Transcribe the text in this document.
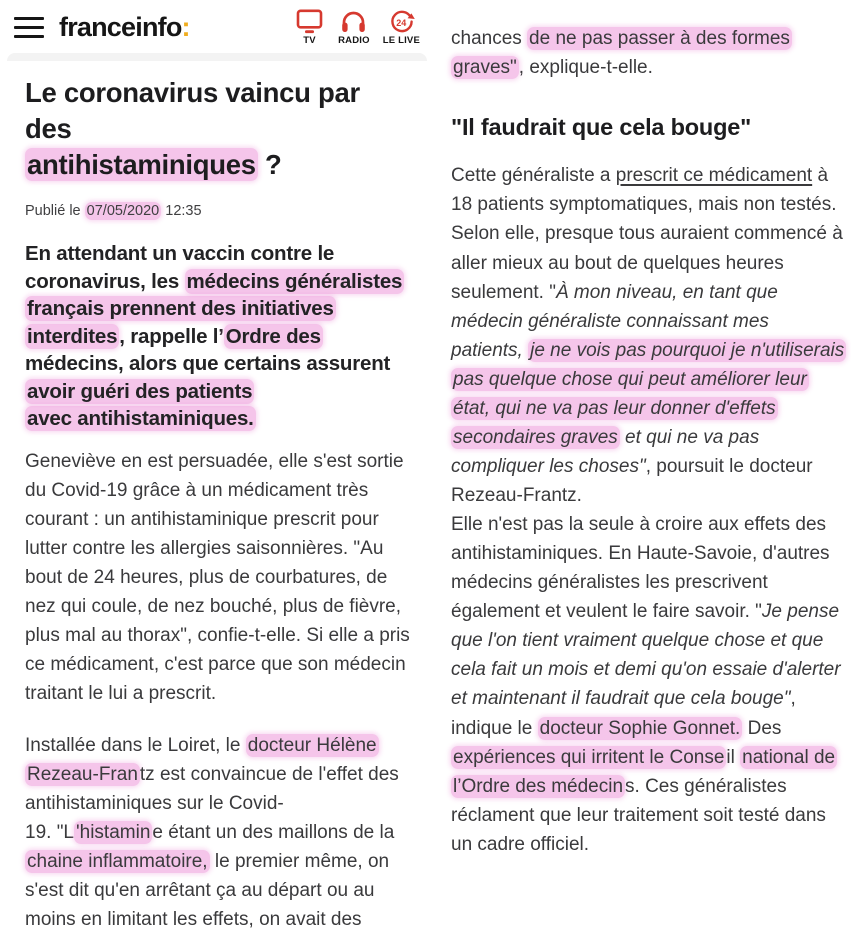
franceinfo:	TV RADIO
24
LE LIVE
Le coronavirus vaincu par des
antihistaminiques ?
Publié le 07/05/2020 12:35
En attendant un vaccin contre le coronavirus, les médecins généralistes français prennent des initiatives interdites, rappelle l’Ordre des médecins, alors que certains assurent avoir guéri des patients
avec antihistaminiques.

Geneviève en est persuadée, elle s'est sortie du Covid-19 grâce à un médicament très courant : un antihistaminique prescrit pour lutter contre les allergies saisonnières. "Au bout de 24 heures, plus de courbatures, de nez qui coule, de nez bouché, plus de fièvre, plus mal au thorax", confie-t-elle. Si elle a pris ce médicament, c'est parce que son médecin traitant le lui a prescrit.

Installée dans le Loiret, le docteur Hélène Rezeau-Fran tz est convaincue de l'effet des antihistaminiques sur le Covid-
19. "L 'histamin e étant un des maillons de la chaine inflammatoire, le premier même, on s'est dit qu'en arrêtant ça au départ ou au moins en limitant les effets, on avait des

chances de ne pas passer à des formes graves" , explique-t-elle.

"Il faudrait que cela bouge"

Cette généraliste a prescrit ce médicament à 18 patients symptomatiques, mais non testés. Selon elle, presque tous auraient commencé à aller mieux au bout de quelques heures seulement. "À mon niveau, en tant que médecin généraliste connaissant mes patients, je ne vois pas pourquoi je n'utiliserais pas quelque chose qui peut améliorer leur état, qui ne va pas leur donner d'effets secondaires graves et qui ne va pas compliquer les choses", poursuit le docteur Rezeau-Frantz.

Elle n'est pas la seule à croire aux effets des antihistaminiques. En Haute-Savoie, d'autres médecins généralistes les prescrivent également et veulent le faire savoir. "Je pense que l'on tient vraiment quelque chose et que cela fait un mois et demi qu'on essaie d'alerter et maintenant il faudrait que cela bouge", indique le docteur Sophie Gonnet. Des expériences qui irritent le Conse il national de l’Ordre des médecin s. Ces généralistes réclament que leur traitement soit testé dans un cadre officiel.
